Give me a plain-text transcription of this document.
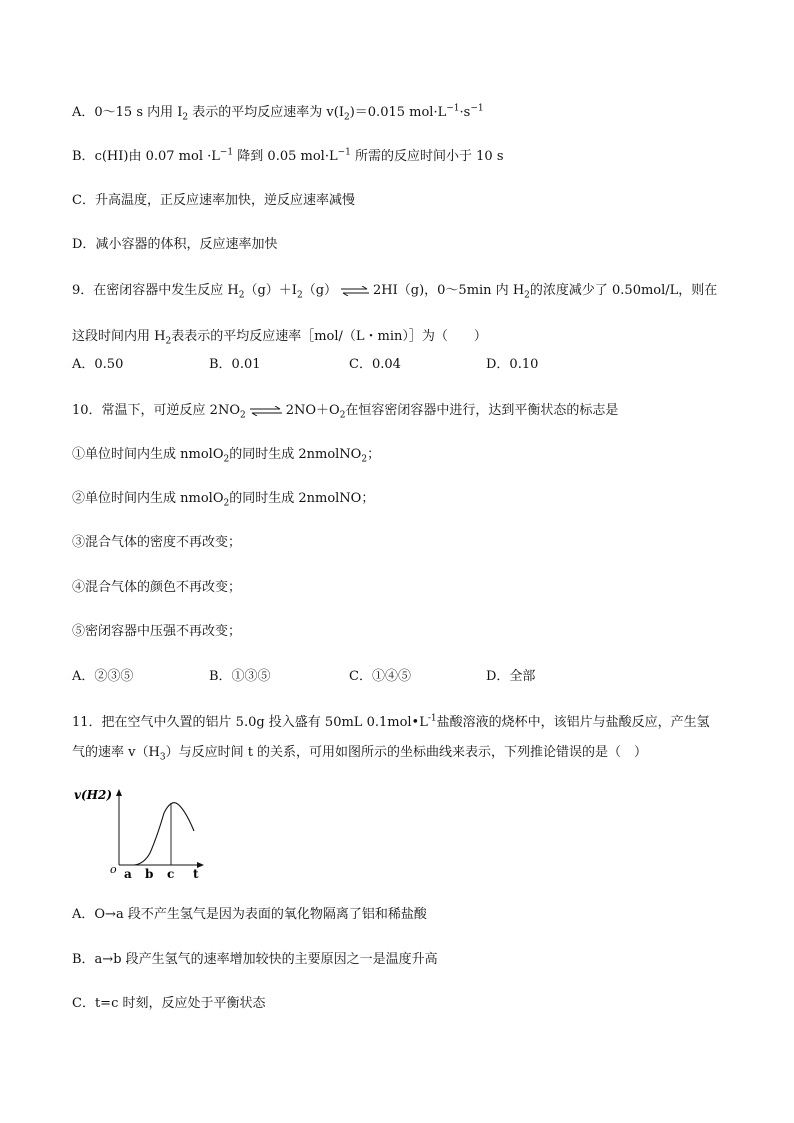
A．0～15 s 内用 $I_2$ 表示的平均反应速率为 $v(I_2)=0.015$ $mol\cdot L^{-1}\cdot s^{-1}$
B．c(HI)由 0.07 mol $\cdot L^{-1}$ 降到 0.05 $mol\cdot L^{-1}$ 所需的反应时间小于 10 s
C．升高温度，正反应速率加快，逆反应速率减慢
D．减小容器的体积，反应速率加快
9．在密闭容器中发生反应 $H_2(g)+I_2(g)$ ⇌ 2HI（g)，0～5min 内 $H_2$的浓度减少了 0.50mol/L，则在
这段时间内用 $H_2$表表示的平均反应速率［mol/（L・min）］为（　　）
A．0.50	B．0.01	C．0.04	D．0.10
10．常温下，可逆反应 $2NO_2$ ⇌ $2NO+O_2$在恒容密闭容器中进行，达到平衡状态的标志是
①单位时间内生成 nmolO$_2$的同时生成 2nmolNO$_2$；
②单位时间内生成 nmolO$_2$的同时生成 2nmolNO；
③混合气体的密度不再改变；
④混合气体的颜色不再改变；
⑤密闭容器中压强不再改变；
A．②③⑤	B．①③⑤	C．①④⑤	D．全部
11．把在空气中久置的铝片 5.0g 投入盛有 50mL $0.1mol•L^{-1}$盐酸溶液的烧杯中，该铝片与盐酸反应，产生氢
气的速率 $v(H_3)$与反应时间 t 的关系，可用如图所示的坐标曲线来表示，下列推论错误的是（　）
v(H2)
o a b c t
A．O→a 段不产生氢气是因为表面的氧化物隔离了铝和稀盐酸
B．a→b 段产生氢气的速率增加较快的主要原因之一是温度升高
C．t=c 时刻，反应处于平衡状态
